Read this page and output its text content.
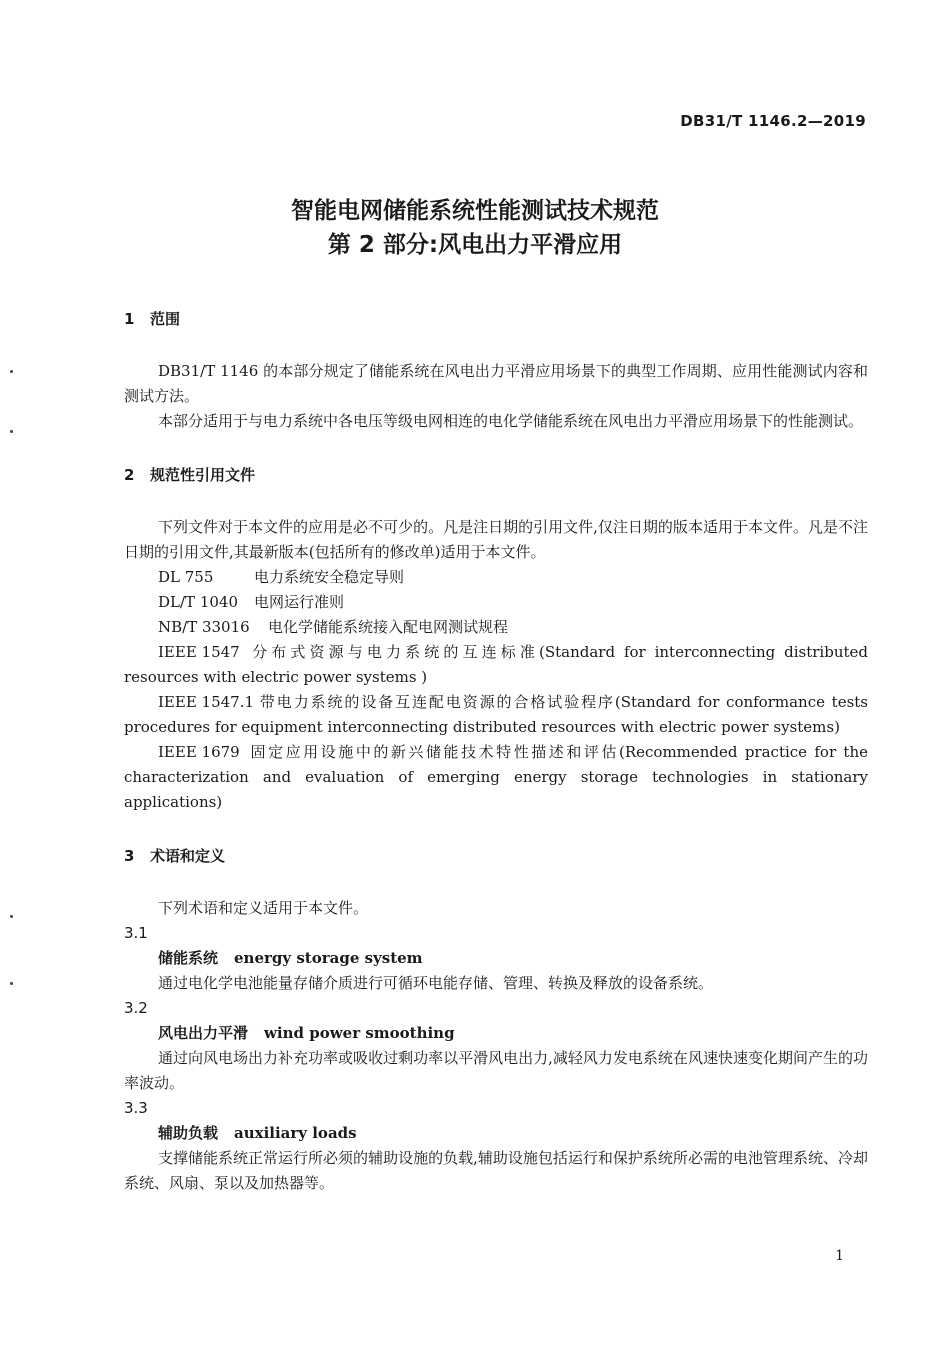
DB31/T 1146.2—2019
智能电网储能系统性能测试技术规范
第 2 部分:风电出力平滑应用

1 范围

DB31/T 1146 的本部分规定了储能系统在风电出力平滑应用场景下的典型工作周期、应用性能测试内容和测试方法。

本部分适用于与电力系统中各电压等级电网相连的电化学储能系统在风电出力平滑应用场景下的性能测试。

2 规范性引用文件

下列文件对于本文件的应用是必不可少的。凡是注日期的引用文件,仅注日期的版本适用于本文件。凡是不注日期的引用文件,其最新版本(包括所有的修改单)适用于本文件。

DL 755	电力系统安全稳定导则

DL/T 1040 电网运行准则

NB/T 33016 电化学储能系统接入配电网测试规程

IEEE 1547 分布式资源与电力系统的互连标准(Standard for interconnecting distributed resources with electric power systems )

IEEE 1547.1 带电力系统的设备互连配电资源的合格试验程序(Standard for conformance tests procedures for equipment interconnecting distributed resources with electric power systems)

IEEE 1679 固定应用设施中的新兴储能技术特性描述和评估(Recommended practice for the characterization and evaluation of emerging energy storage technologies in stationary applications)

3 术语和定义

下列术语和定义适用于本文件。

3.1

储能系统 energy storage system

通过电化学电池能量存储介质进行可循环电能存储、管理、转换及释放的设备系统。

3.2

风电出力平滑 wind power smoothing

通过向风电场出力补充功率或吸收过剩功率以平滑风电出力,减轻风力发电系统在风速快速变化期间产生的功率波动。

3.3

辅助负载 auxiliary loads

支撑储能系统正常运行所必须的辅助设施的负载,辅助设施包括运行和保护系统所必需的电池管理系统、冷却系统、风扇、泵以及加热器等。

1
